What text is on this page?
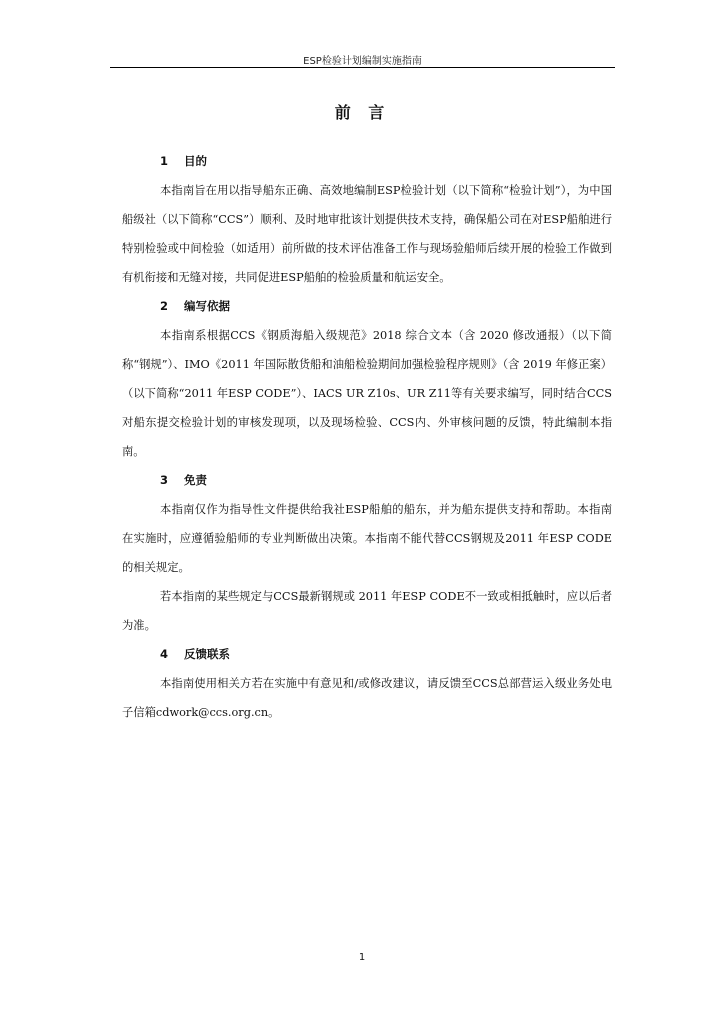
ESP检验计划编制实施指南
前 言
1 目的

本指南旨在用以指导船东正确、高效地编制ESP检验计划（以下简称“检验计划”），为中国船级社（以下简称“CCS”）顺利、及时地审批该计划提供技术支持，确保船公司在对ESP船舶进行特别检验或中间检验（如适用）前所做的技术评估准备工作与现场验船师后续开展的检验工作做到有机衔接和无缝对接，共同促进ESP船舶的检验质量和航运安全。

2 编写依据

本指南系根据CCS《钢质海船入级规范》2018 综合文本（含 2020 修改通报）（以下简称“钢规”）、IMO《2011 年国际散货船和油船检验期间加强检验程序规则》（含 2019 年修正案）（以下简称“2011 年ESP CODE”）、IACS UR Z10s、UR Z11等有关要求编写，同时结合CCS对船东提交检验计划的审核发现项，以及现场检验、CCS内、外审核问题的反馈，特此编制本指南。

3 免责

本指南仅作为指导性文件提供给我社ESP船舶的船东，并为船东提供支持和帮助。本指南在实施时，应遵循验船师的专业判断做出决策。本指南不能代替CCS钢规及2011 年ESP CODE的相关规定。

若本指南的某些规定与CCS最新钢规或 2011 年ESP CODE不一致或相抵触时，应以后者为准。

4 反馈联系

本指南使用相关方若在实施中有意见和/或修改建议，请反馈至CCS总部营运入级业务处电子信箱cdwork@ccs.org.cn。

1
